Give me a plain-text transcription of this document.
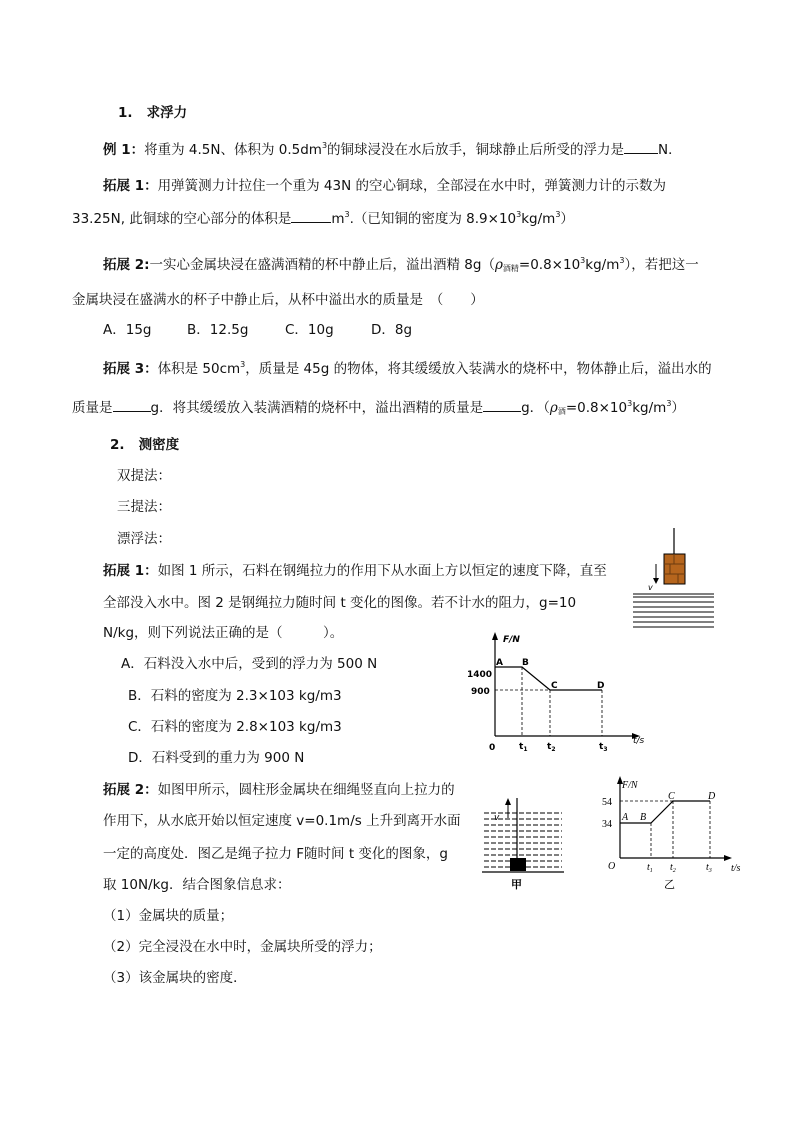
1. 求浮力
例 1：将重为 4.5N、体积为 $0.5dm^3$的铜球浸没在水后放手，铜球静止后所受的浮力是	N．
拓展 1：用弹簧测力计拉住一个重为 43N 的空心铜球，全部浸在水中时，弹簧测力计的示数为
33.25N, 此铜球的空心部分的体积是	$m^3$.（已知铜的密度为 $8.9\times 10^3kg/m^3$）
拓展 2:一实心金属块浸在盛满酒精的杯中静止后，溢出酒精 $8g(\rho_{酒精}=0.8\times 10^3kg/m^3)$，若把这一
金属块浸在盛满水的杯子中静止后，从杯中溢出水的质量是　（　　）
A．15g	B．12.5g	C．10g	D．8g
拓展 3：体积是 $50cm^3$，质量是 45g 的物体，将其缓缓放入装满水的烧杯中，物体静止后，溢出水的
质量是	g．将其缓缓放入装满酒精的烧杯中，溢出酒精的质量是	g．$(\rho_酒=0.8\times 10^3kg/m^3)$
2. 测密度
双提法：
三提法：
漂浮法：
拓展 1：如图 1 所示，石料在钢绳拉力的作用下从水面上方以恒定的速度下降，直至
全部没入水中。图 2 是钢绳拉力随时间 t 变化的图像。若不计水的阻力，g=10
N/kg，则下列说法正确的是（　　　）。
A．石料没入水中后，受到的浮力为 500 N
B．石料的密度为 2.3×103 kg/m3
C．石料的密度为 2.8×103 kg/m3
D．石料受到的重力为 900 N
拓展 2：如图甲所示，圆柱形金属块在细绳竖直向上拉力的
作用下，从水底开始以恒定速度 v=0.1m/s 上升到离开水面
一定的高度处．图乙是绳子拉力 F随时间 t 变化的图象，g
取 10N/kg．结合图象信息求：
（1）金属块的质量；
（2）完全浸没在水中时，金属块所受的浮力；
（3）该金属块的密度．
v
F/N
t/s
0
1400
900
A B
C	D
$t_1$ $t_2$	$t_3$
v
甲
F/N
t/s
O
54
34
A B
C	D
$t_1$ $t_2$	$t_3$
乙
